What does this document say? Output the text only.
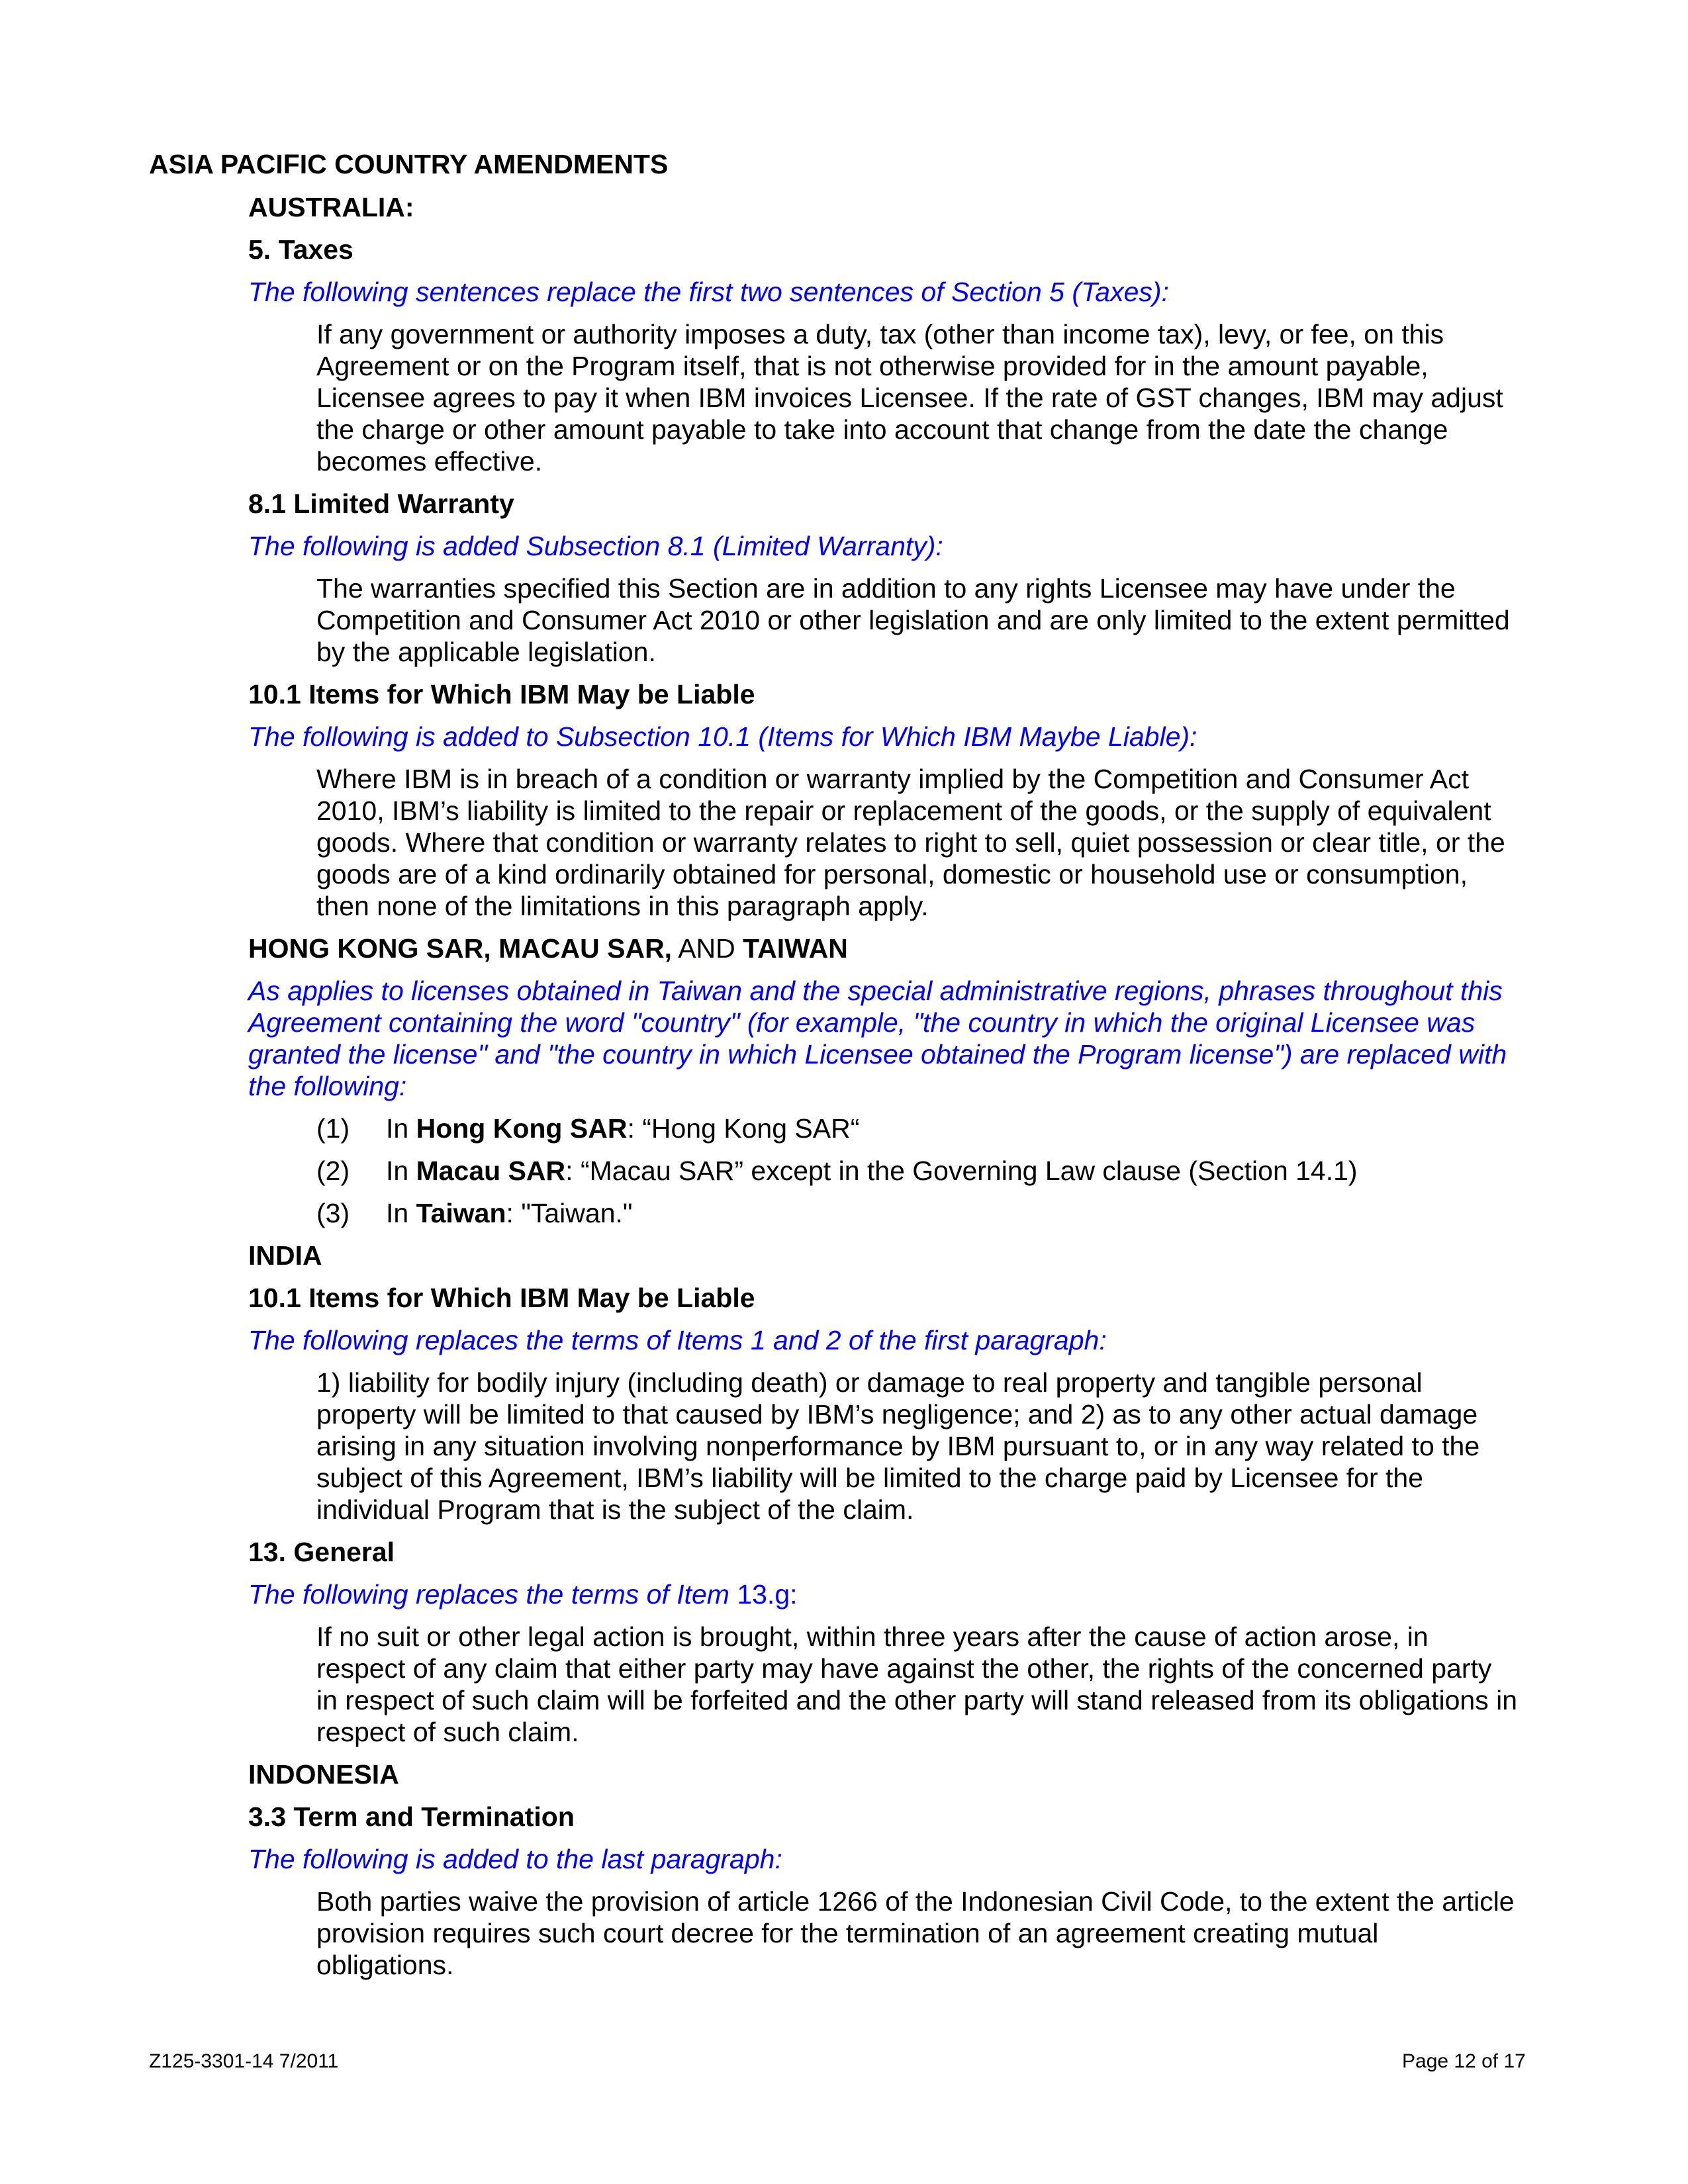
ASIA PACIFIC COUNTRY AMENDMENTS
AUSTRALIA:
5. Taxes
The following sentences replace the first two sentences of Section 5 (Taxes):
If any government or authority imposes a duty, tax (other than income tax), levy, or fee, on this
Agreement or on the Program itself, that is not otherwise provided for in the amount payable,
Licensee agrees to pay it when IBM invoices Licensee. If the rate of GST changes, IBM may adjust
the charge or other amount payable to take into account that change from the date the change
becomes effective.
8.1 Limited Warranty
The following is added Subsection 8.1 (Limited Warranty):
The warranties specified this Section are in addition to any rights Licensee may have under the
Competition and Consumer Act 2010 or other legislation and are only limited to the extent permitted
by the applicable legislation.
10.1 Items for Which IBM May be Liable
The following is added to Subsection 10.1 (Items for Which IBM Maybe Liable):
Where IBM is in breach of a condition or warranty implied by the Competition and Consumer Act
2010, IBM’s liability is limited to the repair or replacement of the goods, or the supply of equivalent
goods. Where that condition or warranty relates to right to sell, quiet possession or clear title, or the
goods are of a kind ordinarily obtained for personal, domestic or household use or consumption,
then none of the limitations in this paragraph apply.
HONG KONG SAR, MACAU SAR, AND TAIWAN
As applies to licenses obtained in Taiwan and the special administrative regions, phrases throughout this
Agreement containing the word "country" (for example, "the country in which the original Licensee was
granted the license" and "the country in which Licensee obtained the Program license") are replaced with
the following:
(1) In Hong Kong SAR: “Hong Kong SAR“
(2) In Macau SAR: “Macau SAR” except in the Governing Law clause (Section 14.1)
(3) In Taiwan: "Taiwan."
INDIA
10.1 Items for Which IBM May be Liable
The following replaces the terms of Items 1 and 2 of the first paragraph:
1) liability for bodily injury (including death) or damage to real property and tangible personal
property will be limited to that caused by IBM’s negligence; and 2) as to any other actual damage
arising in any situation involving nonperformance by IBM pursuant to, or in any way related to the
subject of this Agreement, IBM’s liability will be limited to the charge paid by Licensee for the
individual Program that is the subject of the claim.
13. General
The following replaces the terms of Item 13.g:
If no suit or other legal action is brought, within three years after the cause of action arose, in
respect of any claim that either party may have against the other, the rights of the concerned party
in respect of such claim will be forfeited and the other party will stand released from its obligations in
respect of such claim.
INDONESIA
3.3 Term and Termination
The following is added to the last paragraph:
Both parties waive the provision of article 1266 of the Indonesian Civil Code, to the extent the article
provision requires such court decree for the termination of an agreement creating mutual
obligations.
Z125-3301-14 7/2011	Page 12 of 17
